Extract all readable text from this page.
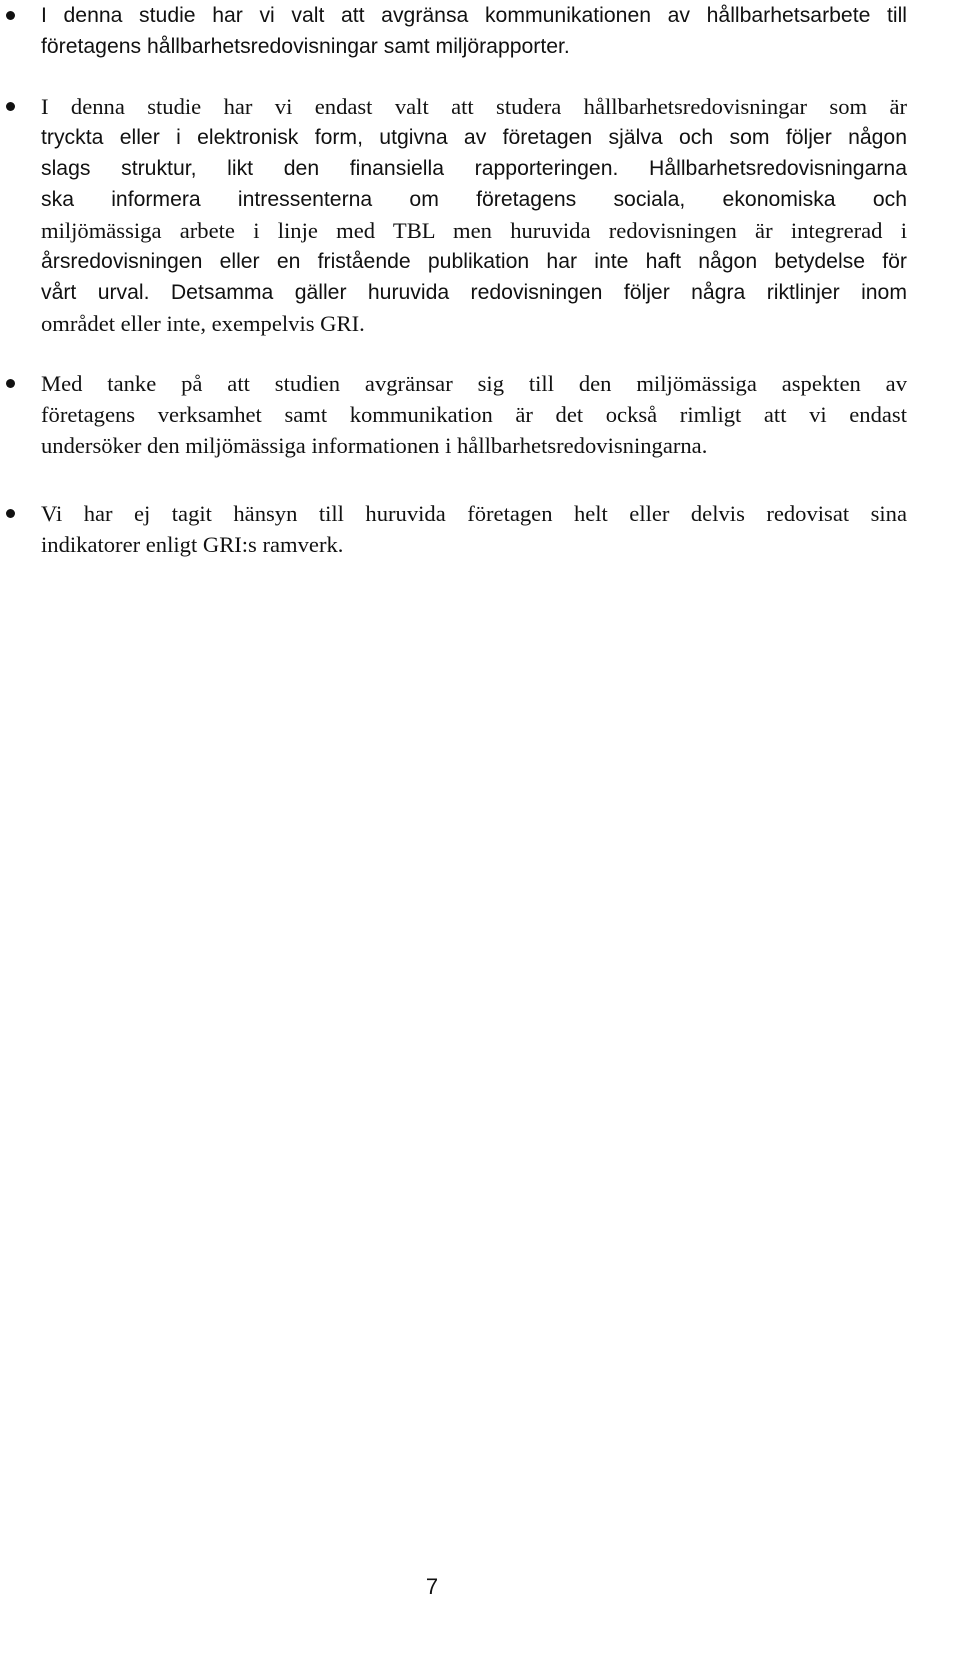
I denna studie har vi valt att avgränsa kommunikationen av hållbarhetsarbete till
företagens hållbarhetsredovisningar samt miljörapporter.

I denna studie har vi endast valt att studera hållbarhetsredovisningar som är
tryckta eller i elektronisk form, utgivna av företagen själva och som följer någon
slags struktur, likt den finansiella rapporteringen. Hållbarhetsredovisningarna
ska informera intressenterna om företagens sociala, ekonomiska och
miljömässiga arbete i linje med TBL men huruvida redovisningen är integrerad i
årsredovisningen eller en fristående publikation har inte haft någon betydelse för
vårt urval. Detsamma gäller huruvida redovisningen följer några riktlinjer inom
området eller inte, exempelvis GRI.

Med tanke på att studien avgränsar sig till den miljömässiga aspekten av
företagens verksamhet samt kommunikation är det också rimligt att vi endast
undersöker den miljömässiga informationen i hållbarhetsredovisningarna.

Vi har ej tagit hänsyn till huruvida företagen helt eller delvis redovisat sina
indikatorer enligt GRI:s ramverk.

7
